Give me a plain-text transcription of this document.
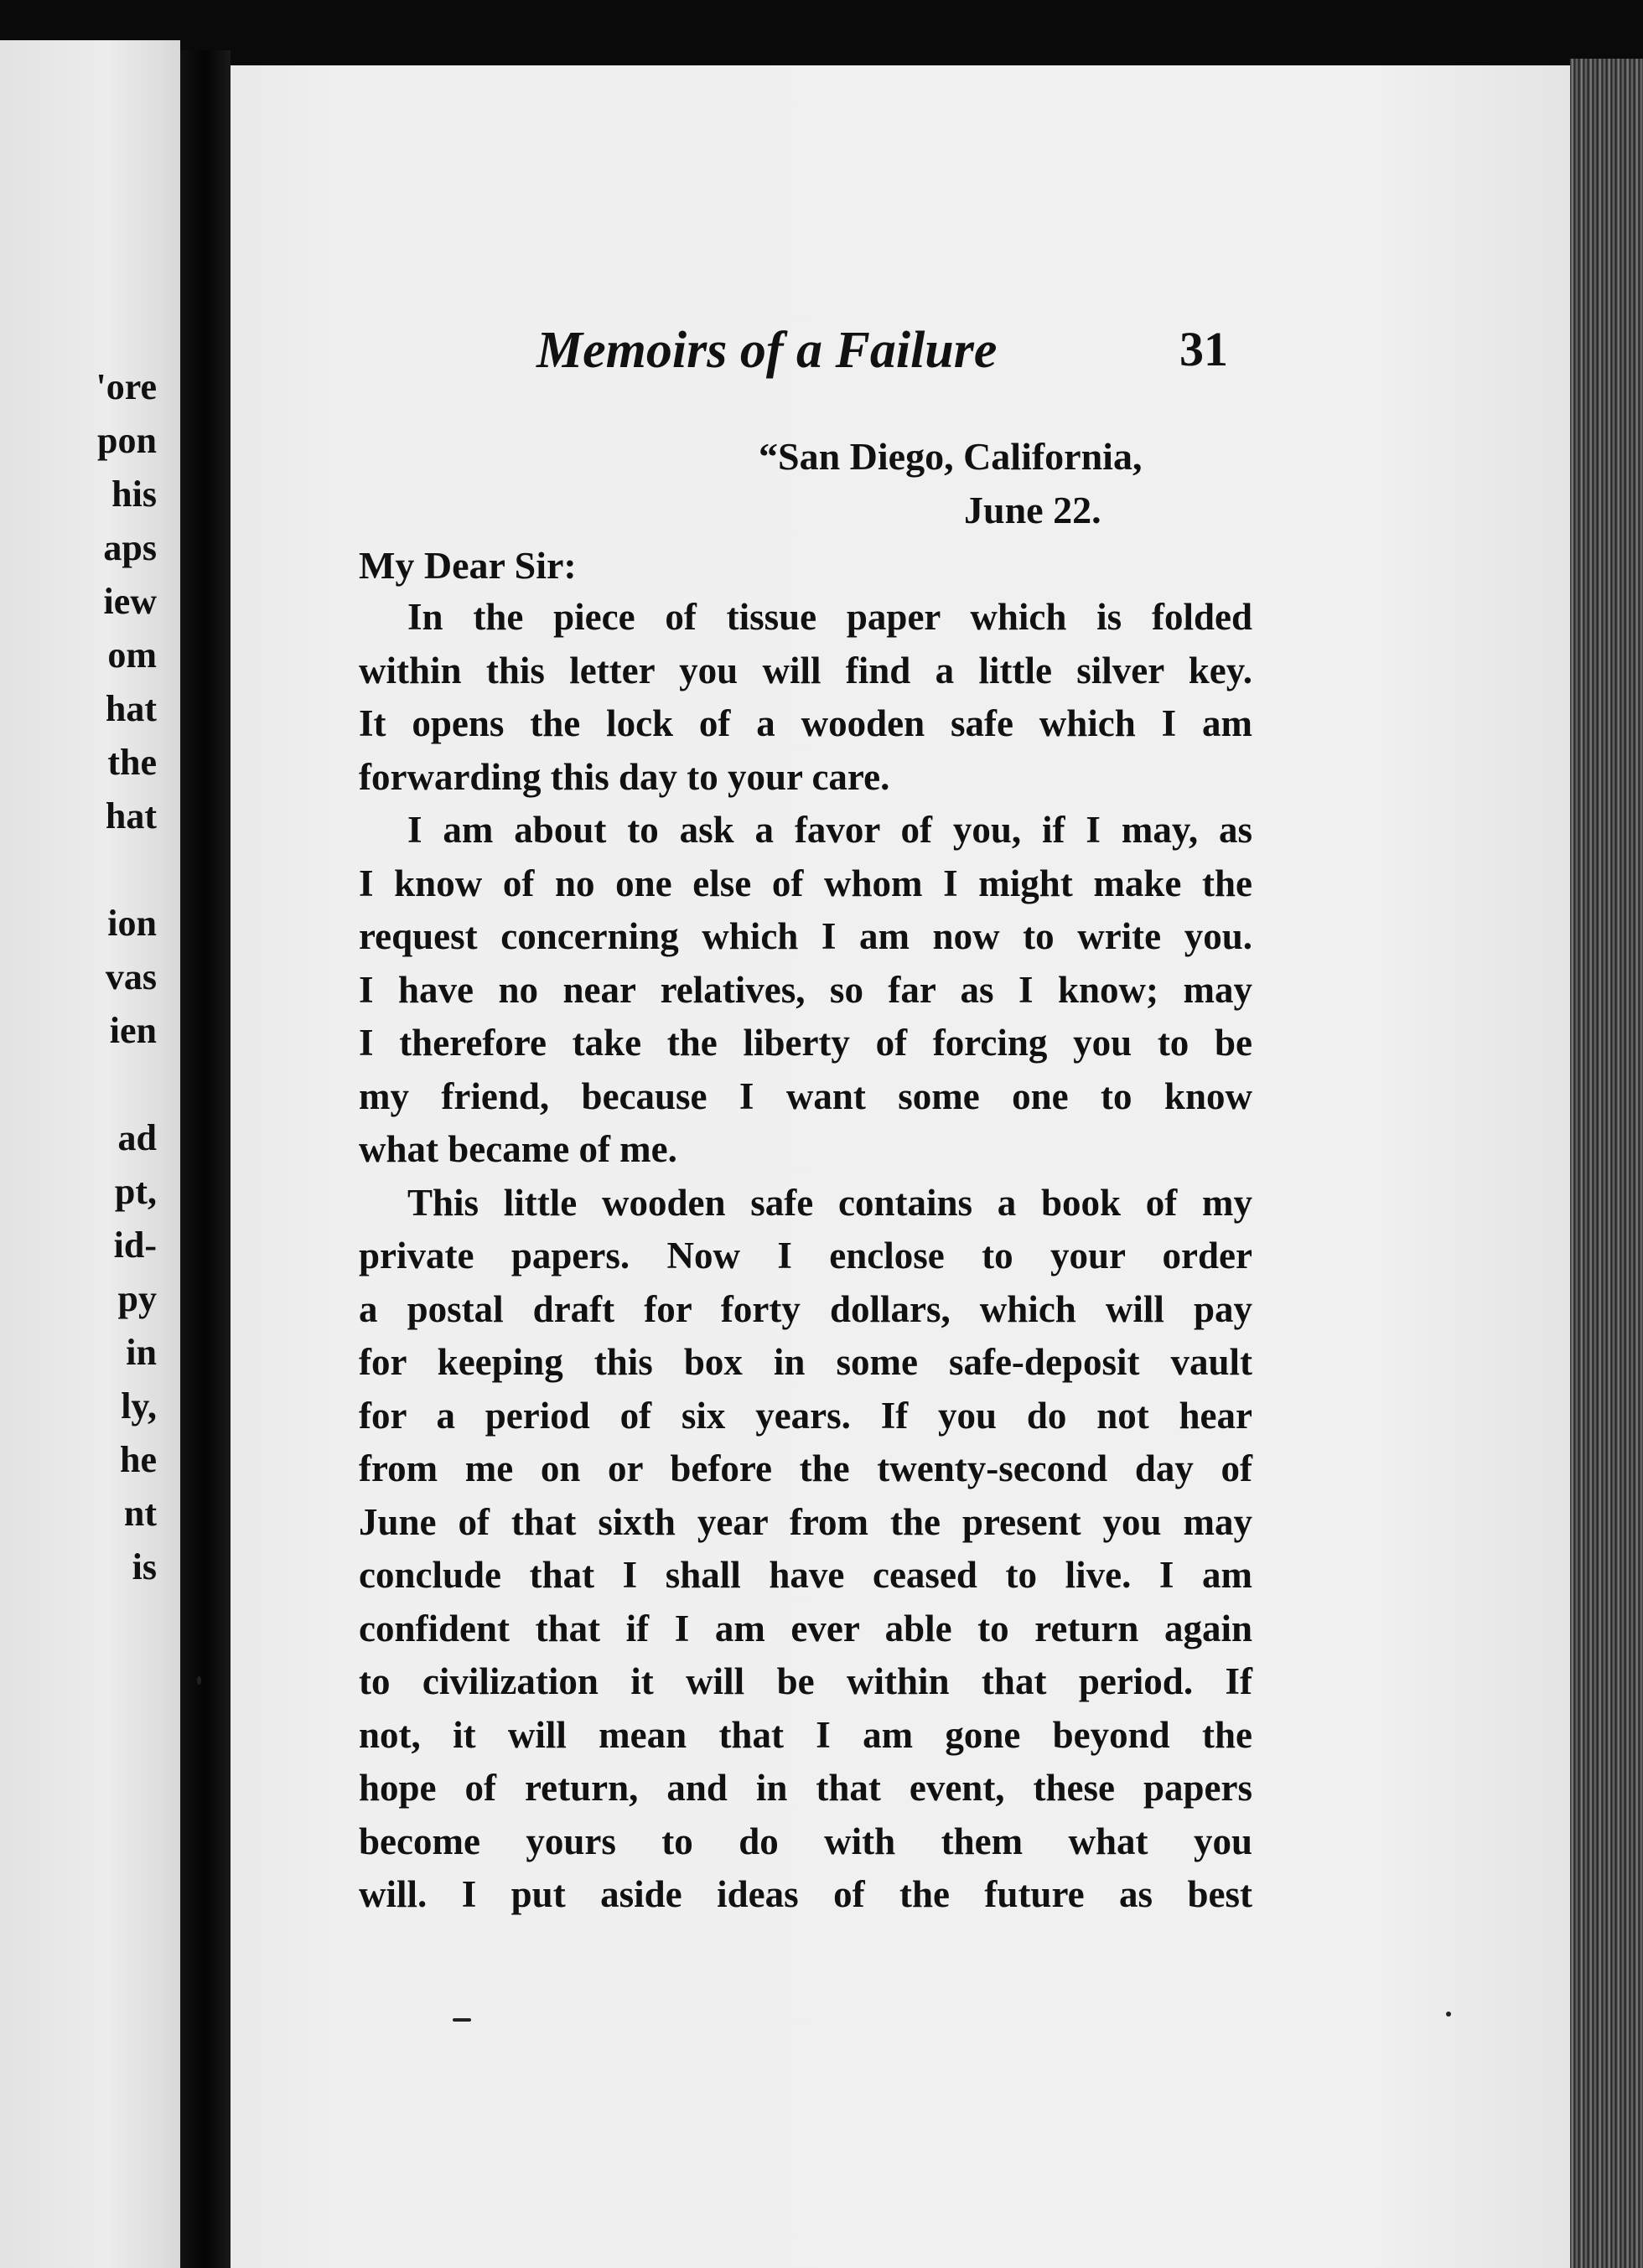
'ore
pon
his
aps
iew
om
hat
the
hat
ion
vas
ien
ad
pt,
id-
py
in
ly,
he
nt
is
Memoirs of a Failure	31
“San Diego, California,
June 22.
My Dear Sir:
In the piece of tissue paper which is folded
within this letter you will find a little silver key.
It opens the lock of a wooden safe which I am
forwarding this day to your care.
I am about to ask a favor of you, if I may, as
I know of no one else of whom I might make the
request concerning which I am now to write you.
I have no near relatives, so far as I know; may
I therefore take the liberty of forcing you to be
my friend, because I want some one to know
what became of me.
This little wooden safe contains a book of my
private papers. Now I enclose to your order
a postal draft for forty dollars, which will pay
for keeping this box in some safe-deposit vault
for a period of six years. If you do not hear
from me on or before the twenty-second day of
June of that sixth year from the present you may
conclude that I shall have ceased to live. I am
confident that if I am ever able to return again
to civilization it will be within that period. If
not, it will mean that I am gone beyond the
hope of return, and in that event, these papers
become yours to do with them what you
will. I put aside ideas of the future as best
